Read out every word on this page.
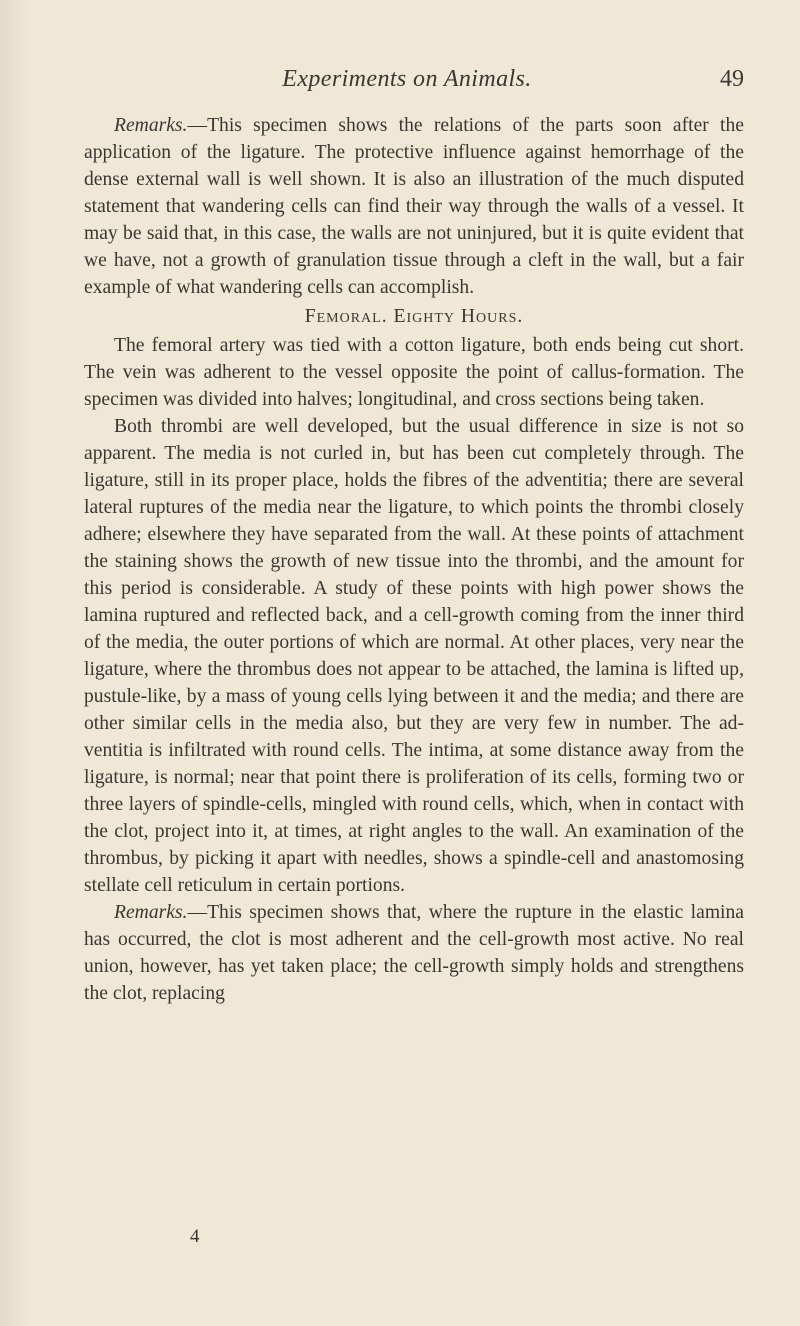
Experiments on Animals.	49

Remarks.—This specimen shows the relations of the parts soon after the application of the ligature. The protective influence against hemorrhage of the dense external wall is well shown. It is also an illustration of the much disputed statement that wandering cells can find their way through the walls of a vessel. It may be said that, in this case, the walls are not uninjured, but it is quite evident that we have, not a growth of granulation tissue through a cleft in the wall, but a fair example of what wandering cells can accomplish.

Femoral. Eighty Hours.

The femoral artery was tied with a cotton ligature, both ends being cut short. The vein was adherent to the vessel opposite the point of callus-formation. The specimen was divided into halves; longitudinal, and cross sections being taken.

Both thrombi are well developed, but the usual difference in size is not so apparent. The media is not curled in, but has been cut completely through. The ligature, still in its proper place, holds the fibres of the adventitia; there are several lateral ruptures of the media near the ligature, to which points the thrombi closely adhere; elsewhere they have separated from the wall. At these points of attachment the staining shows the growth of new tissue into the thrombi, and the amount for this period is considerable. A study of these points with high power shows the lamina ruptured and reflected back, and a cell-growth coming from the inner third of the media, the outer portions of which are normal. At other places, very near the ligature, where the thrombus does not appear to be attached, the lamina is lifted up, pustule-like, by a mass of young cells lying between it and the media; and there are other similar cells in the media also, but they are very few in number. The adventitia is infiltrated with round cells. The intima, at some distance away from the ligature, is normal; near that point there is proliferation of its cells, forming two or three layers of spindle-cells, mingled with round cells, which, when in contact with the clot, project into it, at times, at right angles to the wall. An examination of the thrombus, by picking it apart with needles, shows a spindle-cell and anastomosing stellate cell reticulum in certain portions.

Remarks.—This specimen shows that, where the rupture in the elastic lamina has occurred, the clot is most adherent and the cell-growth most active. No real union, however, has yet taken place; the cell-growth simply holds and strengthens the clot, replacing

4
